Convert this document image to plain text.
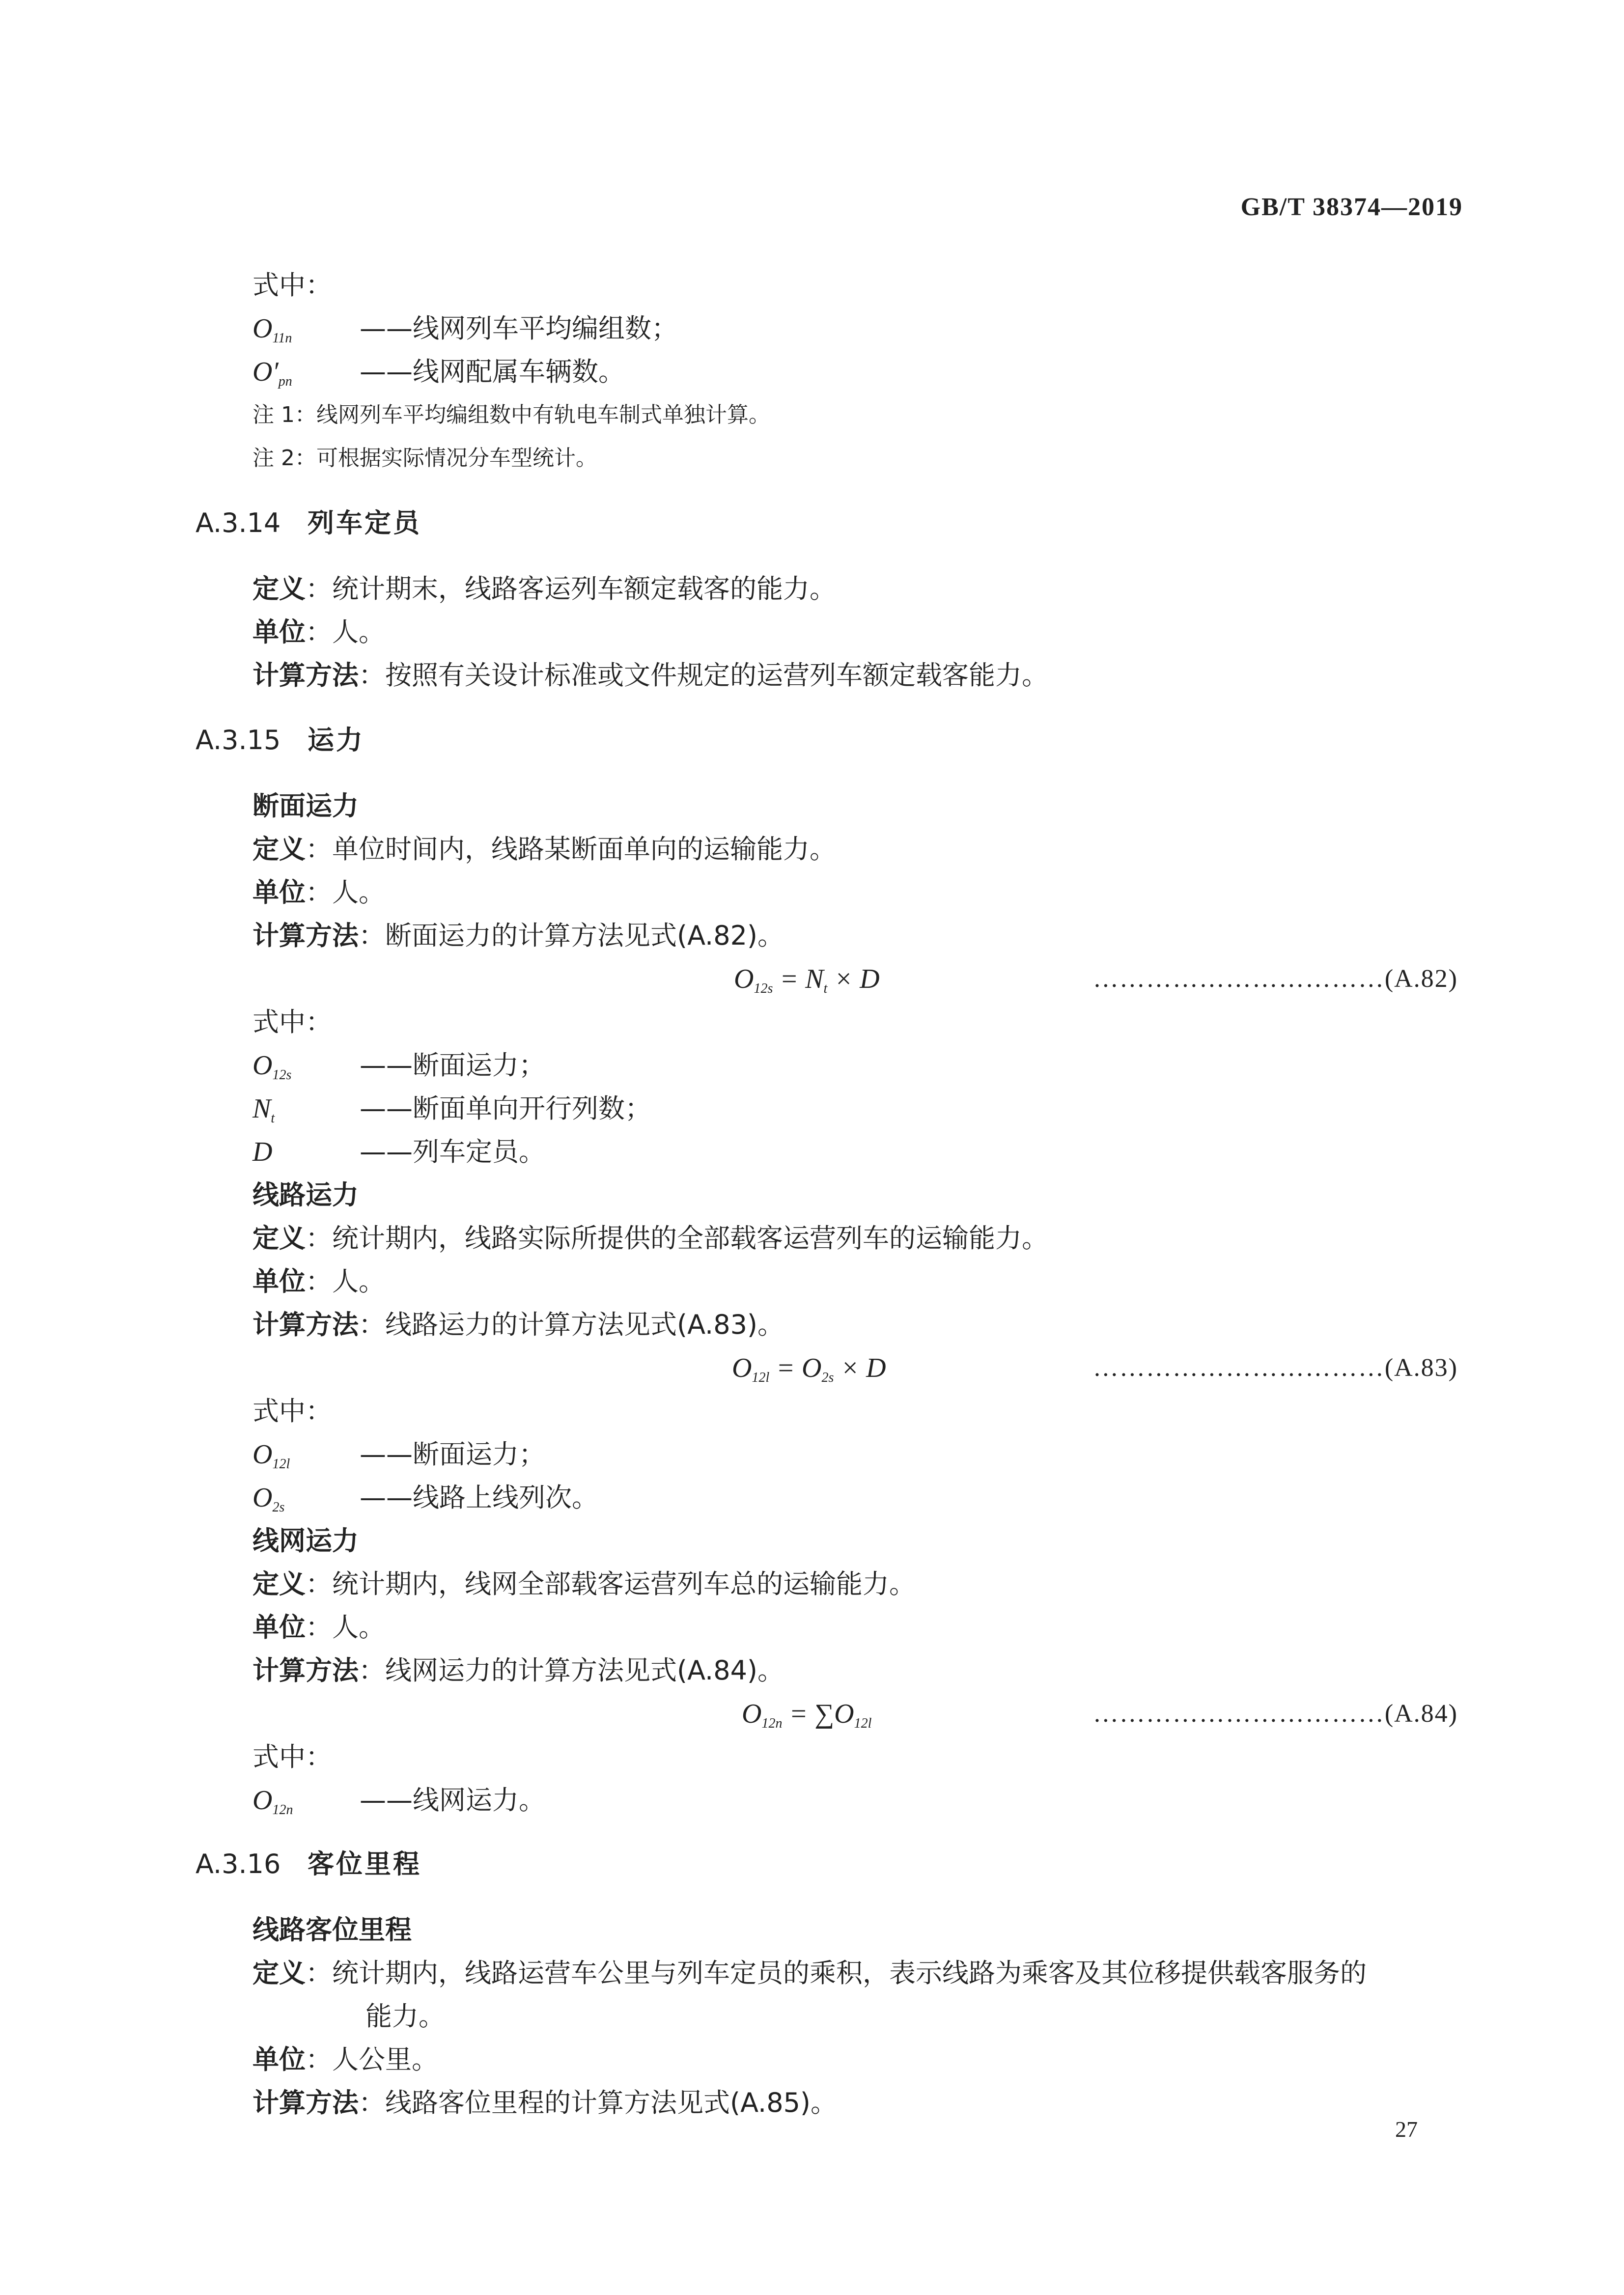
GB/T 38374—2019
式中：
$O_{11n}$	——线网列车平均编组数；
$O'_{pn}$	——线网配属车辆数。
注 1：线网列车平均编组数中有轨电车制式单独计算。
注 2：可根据实际情况分车型统计。
A.3.14 列车定员
定义：统计期末，线路客运列车额定载客的能力。
单位：人。
计算方法：按照有关设计标准或文件规定的运营列车额定载客能力。
A.3.15 运力
断面运力
定义：单位时间内，线路某断面单向的运输能力。
单位：人。
计算方法：断面运力的计算方法见式(A.82)。
$O_{12s} = N_t \times D$	……………………………(A.82)
式中：
$O_{12s}$	——断面运力；
$N_t$	——断面单向开行列数；
D	——列车定员。
线路运力
定义：统计期内，线路实际所提供的全部载客运营列车的运输能力。
单位：人。
计算方法：线路运力的计算方法见式(A.83)。
$O_{12l} = O_{2s} \times D$	……………………………(A.83)
式中：
$O_{12l}$	——断面运力；
$O_{2s}$	——线路上线列次。
线网运力
定义：统计期内，线网全部载客运营列车总的运输能力。
单位：人。
计算方法：线网运力的计算方法见式(A.84)。
$O_{12n} = \sum O_{12l}$	……………………………(A.84)
式中：
$O_{12n}$	——线网运力。
A.3.16 客位里程
线路客位里程
定义：统计期内，线路运营车公里与列车定员的乘积，表示线路为乘客及其位移提供载客服务的
能力。
单位：人公里。
计算方法：线路客位里程的计算方法见式(A.85)。
27
